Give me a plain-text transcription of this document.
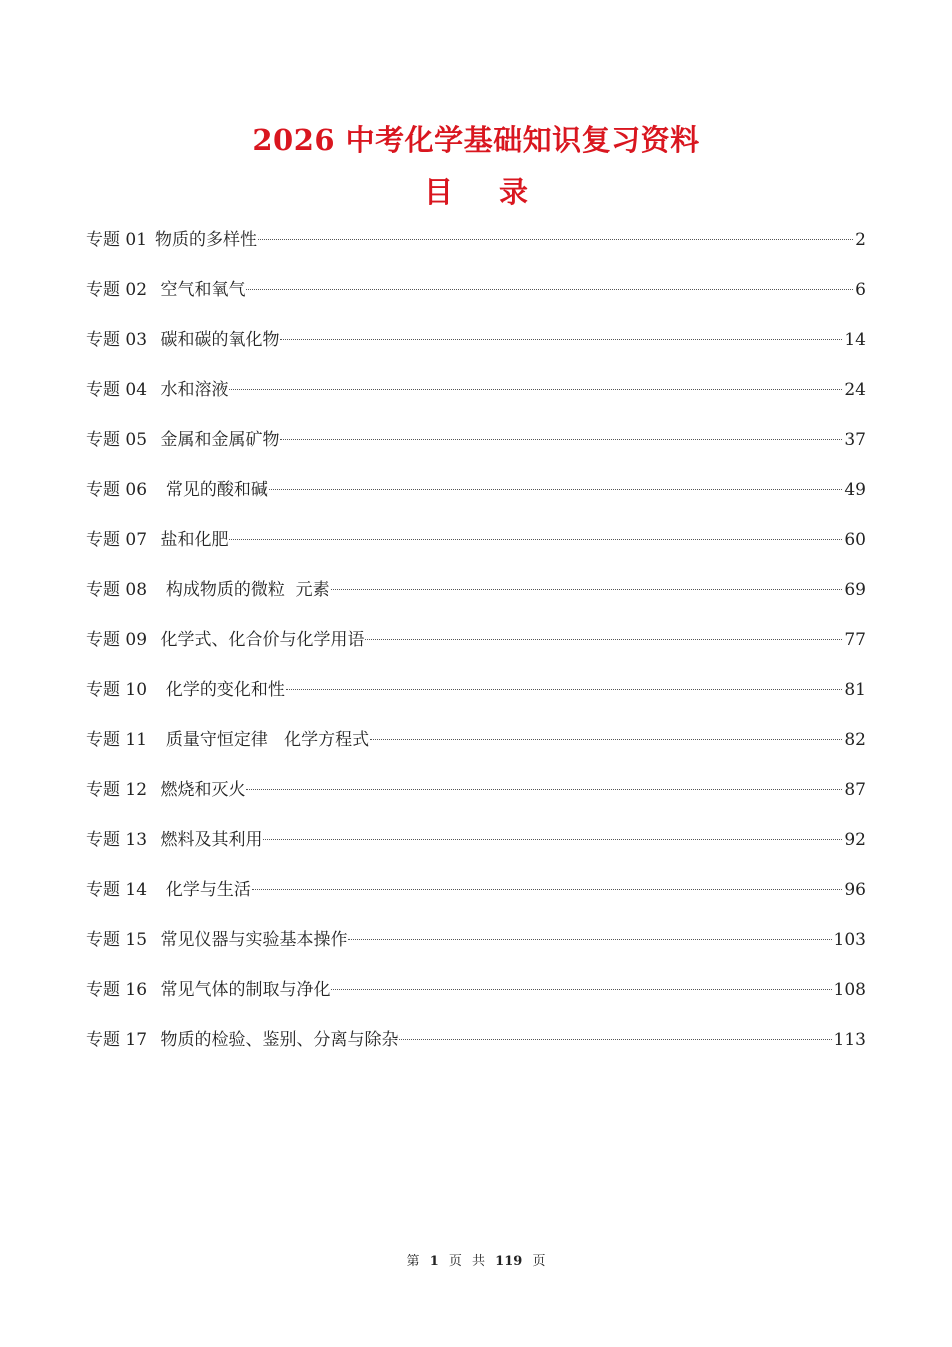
2026 中考化学基础知识复习资料
目 录
专题 01 物质的多样性	2
专题 02 空气和氧气	6
专题 03 碳和碳的氧化物	14
专题 04 水和溶液	24
专题 05 金属和金属矿物	37
专题 06 常见的酸和碱	49
专题 07 盐和化肥	60
专题 08 构成物质的微粒  元素	69
专题 09 化学式、化合价与化学用语	77
专题 10 化学的变化和性	81
专题 11 质量守恒定律   化学方程式	82
专题 12 燃烧和灭火	87
专题 13 燃料及其利用	92
专题 14 化学与生活	96
专题 15 常见仪器与实验基本操作	103
专题 16 常见气体的制取与净化	108
专题 17 物质的检验、鉴别、分离与除杂	113
第 1 页 共 119 页
